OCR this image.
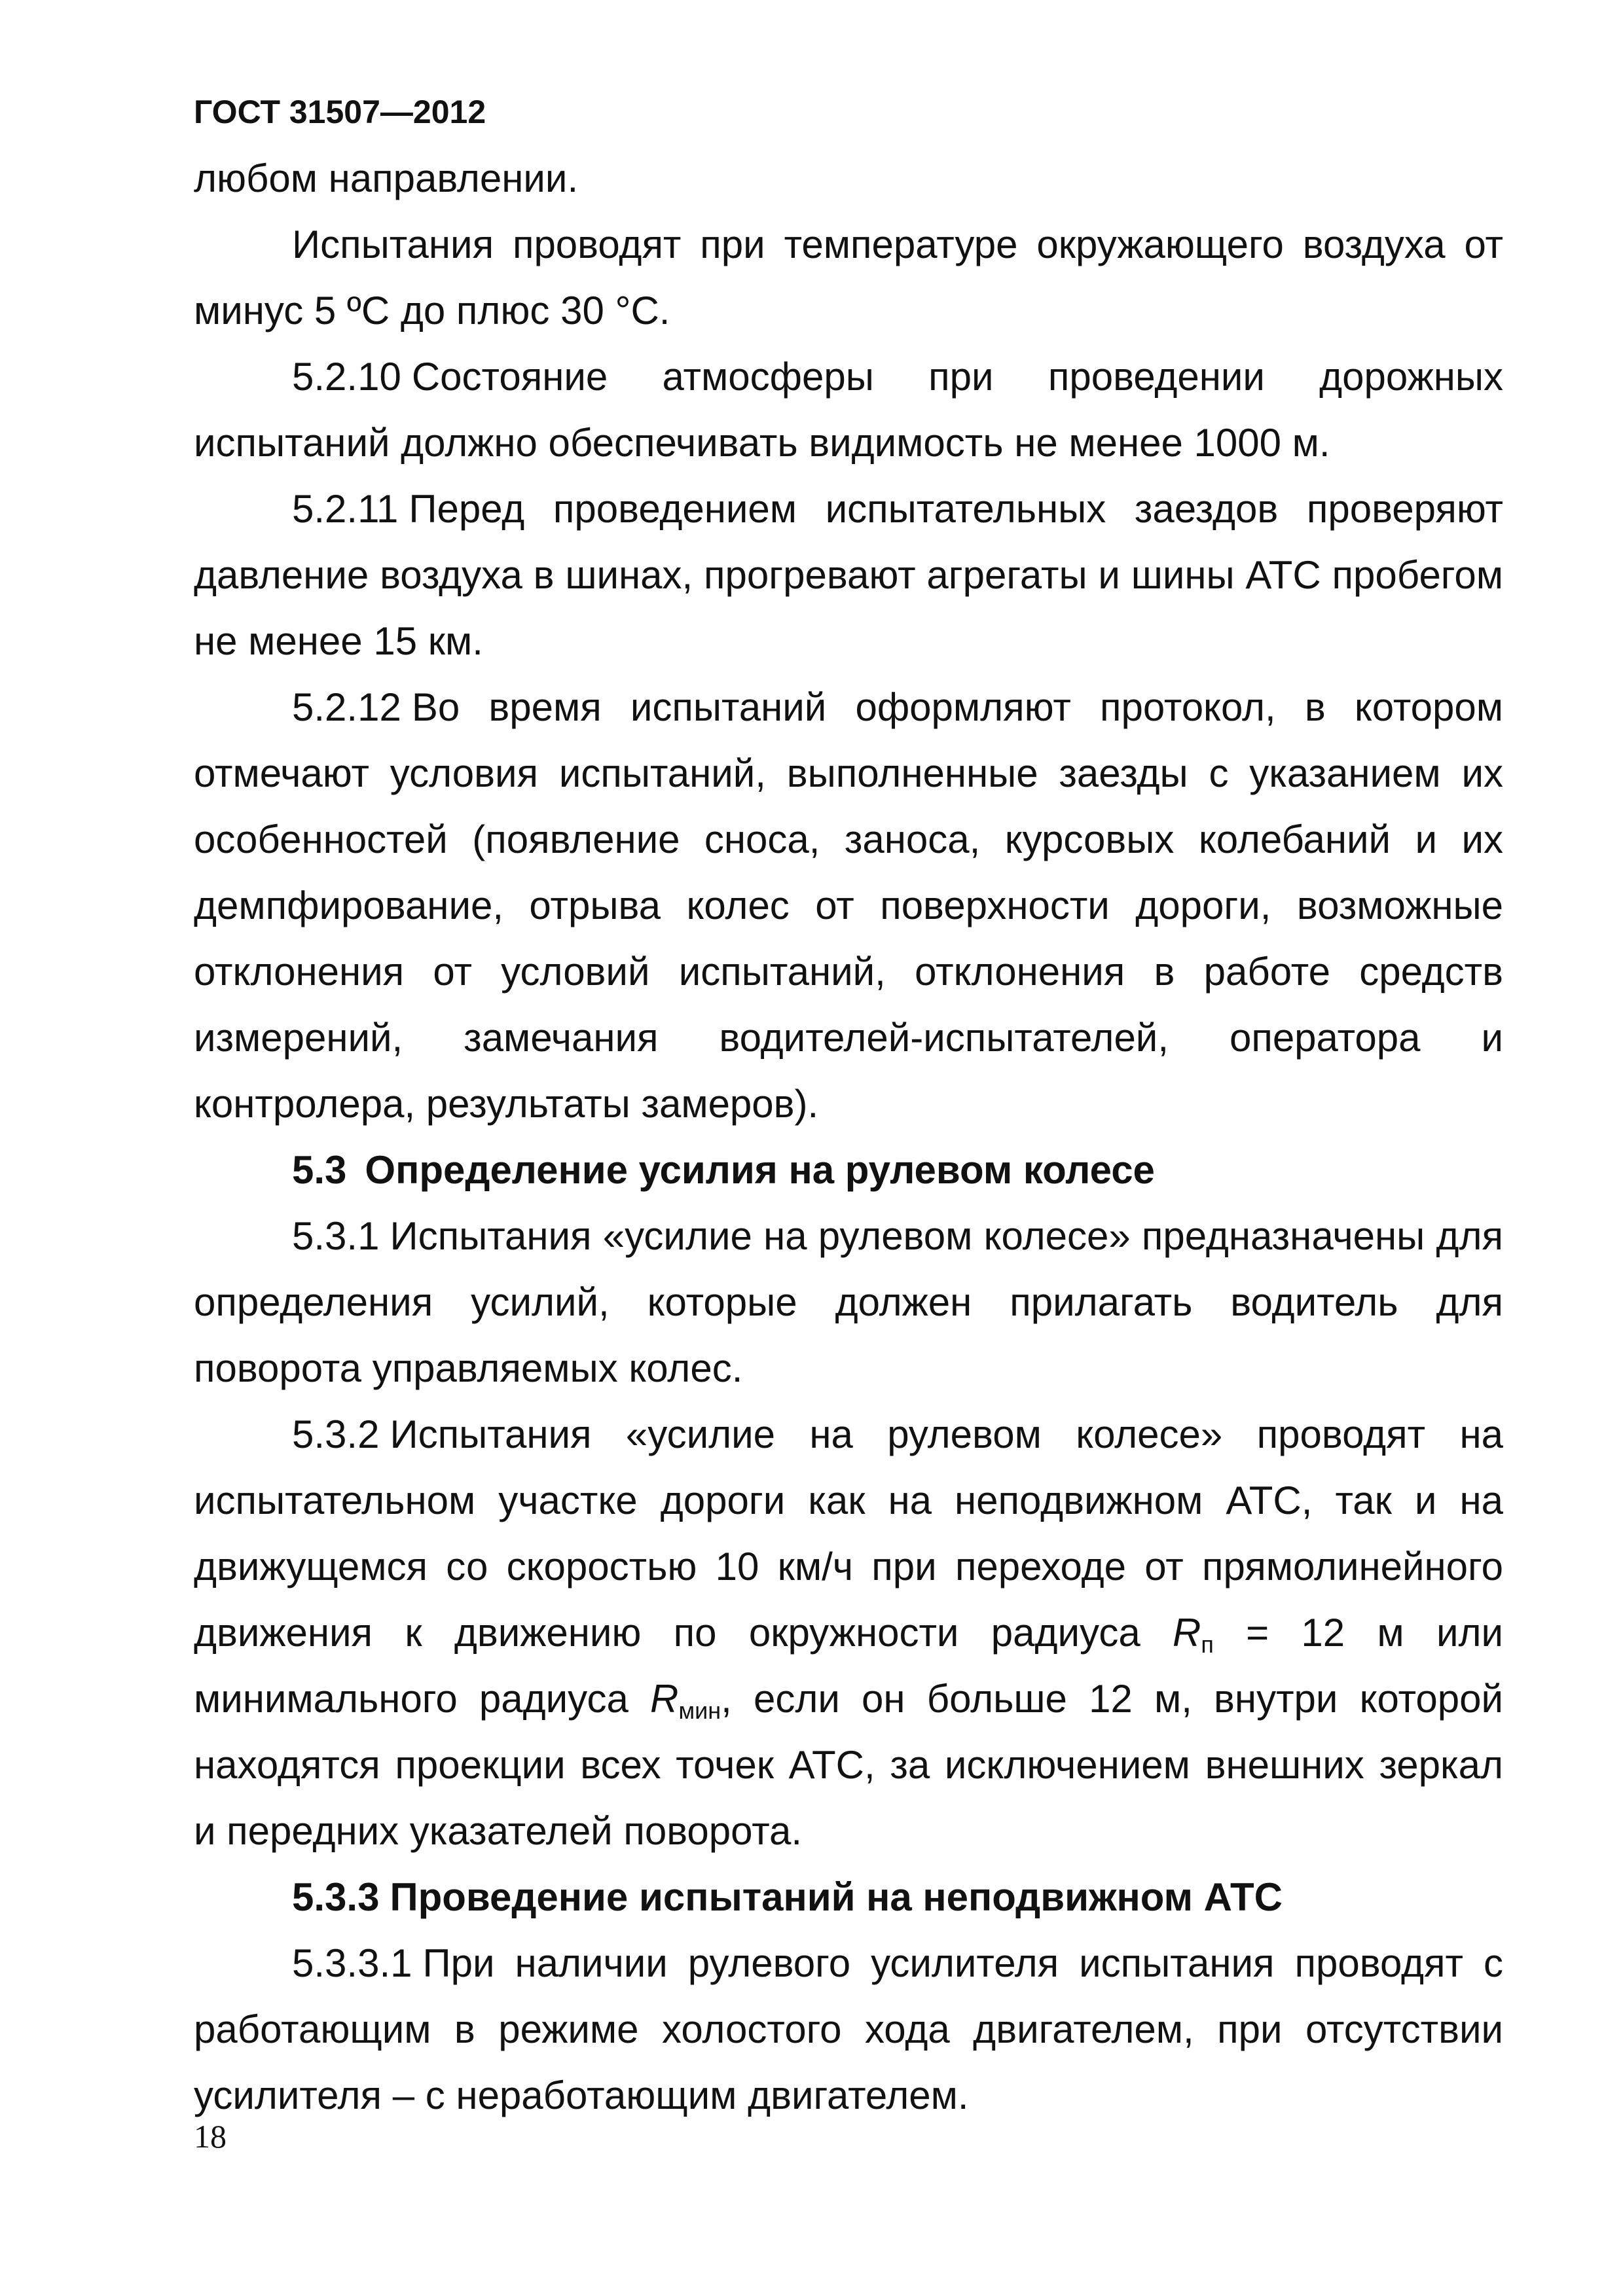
ГОСТ 31507—2012

любом направлении.

Испытания проводят при температуре окружающего воздуха от минус 5 ºС до плюс 30 °С.

5.2.10 Состояние атмосферы при проведении дорожных испытаний должно обеспечивать видимость не менее 1000 м.

5.2.11 Перед проведением испытательных заездов проверяют давление воздуха в шинах, прогревают агрегаты и шины АТС пробегом не менее 15 км.

5.2.12 Во время испытаний оформляют протокол, в котором отмечают условия испытаний, выполненные заезды с указанием их особенностей (появление сноса, заноса, курсовых колебаний и их демпфирование, отрыва колес от поверхности дороги, возможные отклонения от условий испытаний, отклонения в работе средств измерений, замечания водителей-испытателей, оператора и контролера, результаты замеров).

5.3 Определение усилия на рулевом колесе

5.3.1 Испытания «усилие на рулевом колесе» предназначены для определения усилий, которые должен прилагать водитель для поворота управляемых колес.

5.3.2 Испытания «усилие на рулевом колесе» проводят на испытательном участке дороги как на неподвижном АТС, так и на движущемся со скоростью 10 км/ч при переходе от прямолинейного движения к движению по окружности радиуса $R_п = 12$ м или минимального радиуса $R_{мин}$, если он больше 12 м, внутри которой находятся проекции всех точек АТС, за исключением внешних зеркал и передних указателей поворота.

5.3.3 Проведение испытаний на неподвижном АТС

5.3.3.1 При наличии рулевого усилителя испытания проводят с работающим в режиме холостого хода двигателем, при отсутствии усилителя – с неработающим двигателем.

18
